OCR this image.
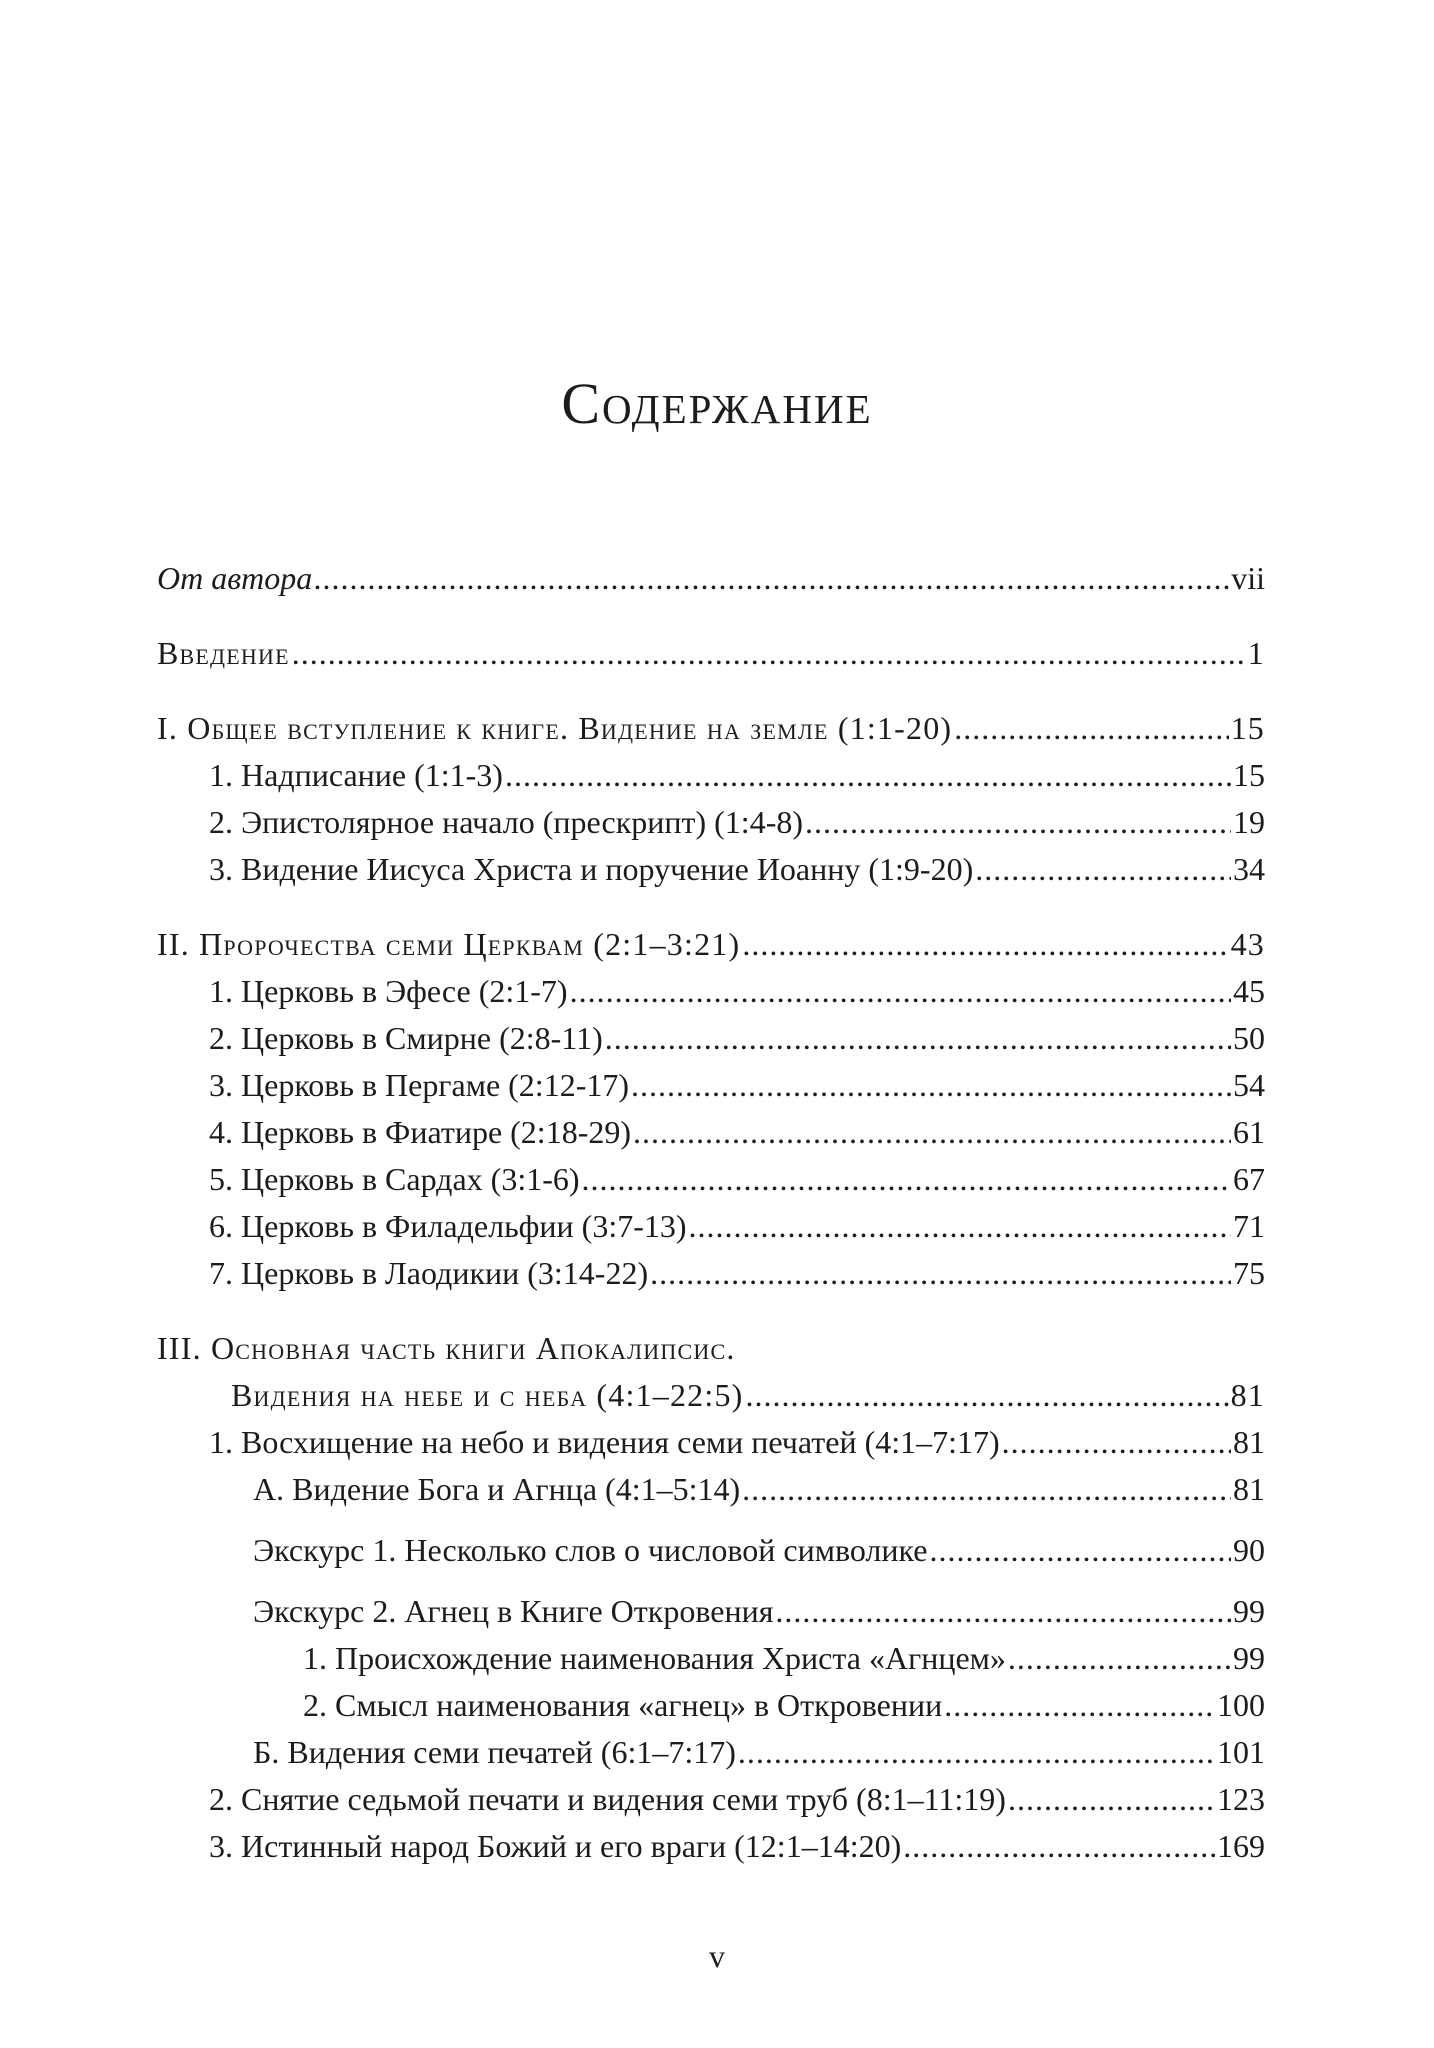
Содержание
От автора .....	vii
Введение .....	1
I. Общее вступление к книге. Видение на земле (1:1-20) .....	15
1. Надписание (1:1-3) .....	15
2. Эпистолярное начало (прескрипт) (1:4-8) .....	19
3. Видение Иисуса Христа и поручение Иоанну (1:9-20) .....	34
II. Пророчества семи Церквам (2:1–3:21) .....	43
1. Церковь в Эфесе (2:1-7) .....	45
2. Церковь в Смирне (2:8-11) .....	50
3. Церковь в Пергаме (2:12-17) .....	54
4. Церковь в Фиатире (2:18-29) .....	61
5. Церковь в Сардах (3:1-6) .....	67
6. Церковь в Филадельфии (3:7-13) .....	71
7. Церковь в Лаодикии (3:14-22) .....	75
III. Основная часть книги Апокалипсис.
Видения на небе и с неба (4:1–22:5) .....	81
1. Восхищение на небо и видения семи печатей (4:1–7:17) .....	81
А. Видение Бога и Агнца (4:1–5:14) .....	81
Экскурс 1. Несколько слов о числовой символике .....	90
Экскурс 2. Агнец в Книге Откровения .....	99
1. Происхождение наименования Христа «Агнцем» .....	99
2. Смысл наименования «агнец» в Откровении .....	100
Б. Видения семи печатей (6:1–7:17) .....	101
2. Снятие седьмой печати и видения семи труб (8:1–11:19) .....	123
3. Истинный народ Божий и его враги (12:1–14:20) .....	169
v
